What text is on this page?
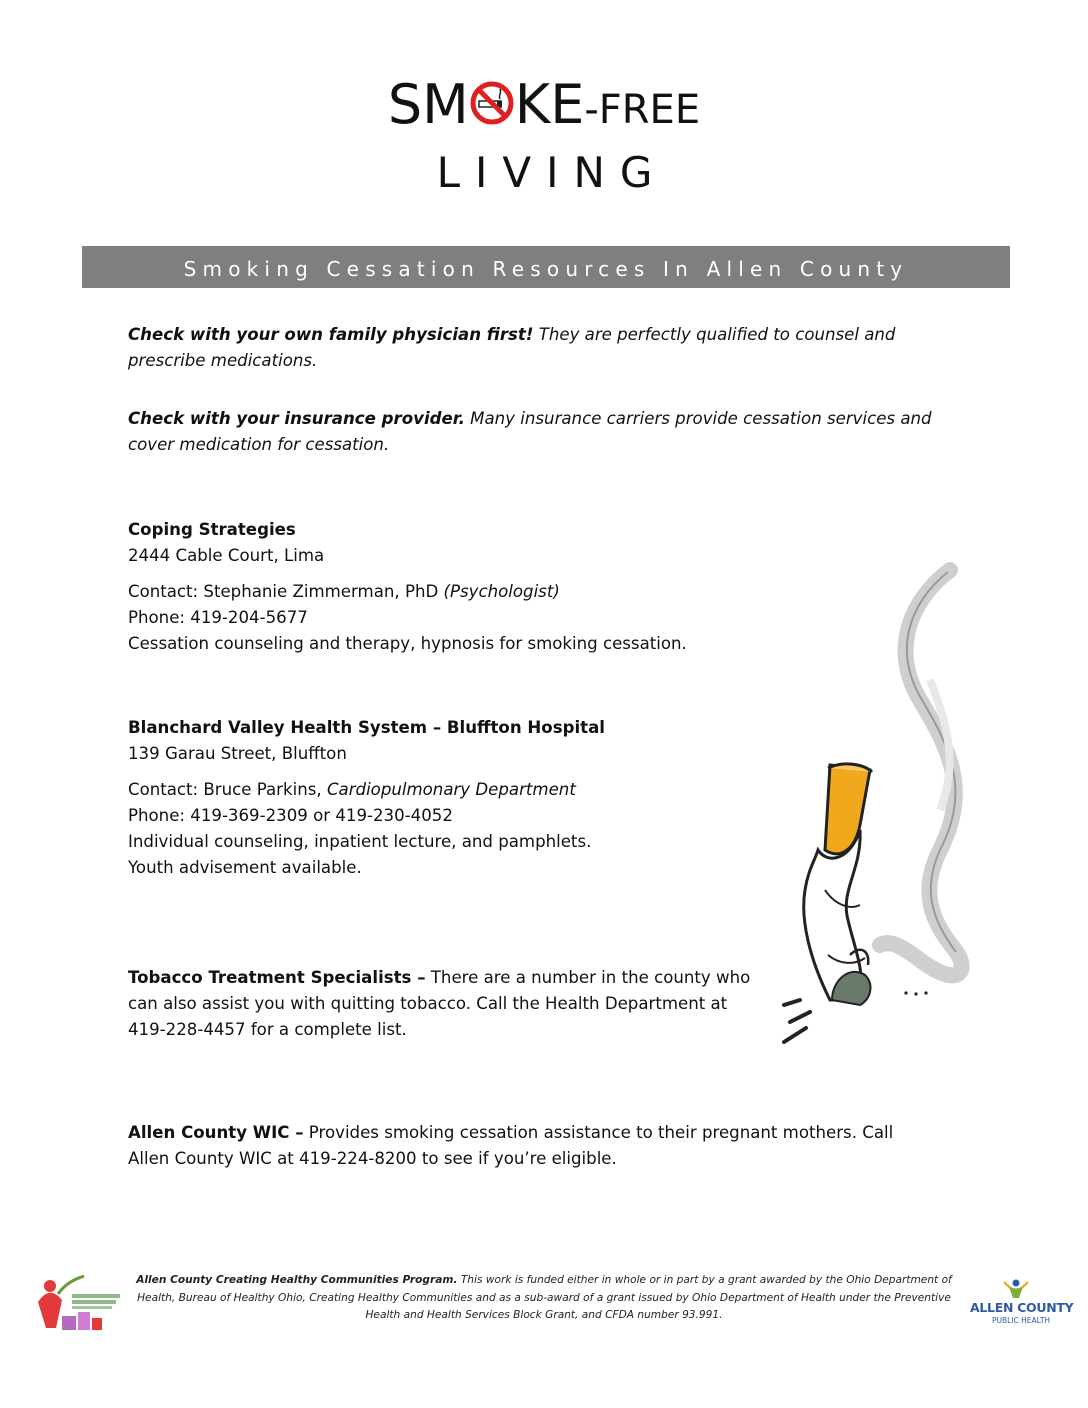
SM KE-FREE
LIVING
Smoking Cessation Resources In Allen County

Check with your own family physician first! They are perfectly qualified to counsel and prescribe medications.

Check with your insurance provider. Many insurance carriers provide cessation services and cover medication for cessation.

Coping Strategies
2444 Cable Court, Lima
Contact: Stephanie Zimmerman, PhD (Psychologist)
Phone: 419-204-5677
Cessation counseling and therapy, hypnosis for smoking cessation.
Blanchard Valley Health System – Bluffton Hospital
139 Garau Street, Bluffton
Contact: Bruce Parkins, Cardiopulmonary Department
Phone: 419-369-2309 or 419-230-4052
Individual counseling, inpatient lecture, and pamphlets.
Youth advisement available.
Tobacco Treatment Specialists – There are a number in the county who
can also assist you with quitting tobacco. Call the Health Department at
419-228-4457 for a complete list.

Allen County WIC – Provides smoking cessation assistance to their pregnant mothers. Call Allen County WIC at 419-224-8200 to see if you’re eligible.

Allen County Creating Healthy Communities Program. This work is funded either in whole or in part by a grant awarded by the Ohio Department of Health, Bureau of Healthy Ohio, Creating Healthy Communities and as a sub-award of a grant issued by Ohio Department of Health under the Preventive Health and Health Services Block Grant, and CFDA number 93.991.	ALLEN COUNTY
PUBLIC HEALTH
